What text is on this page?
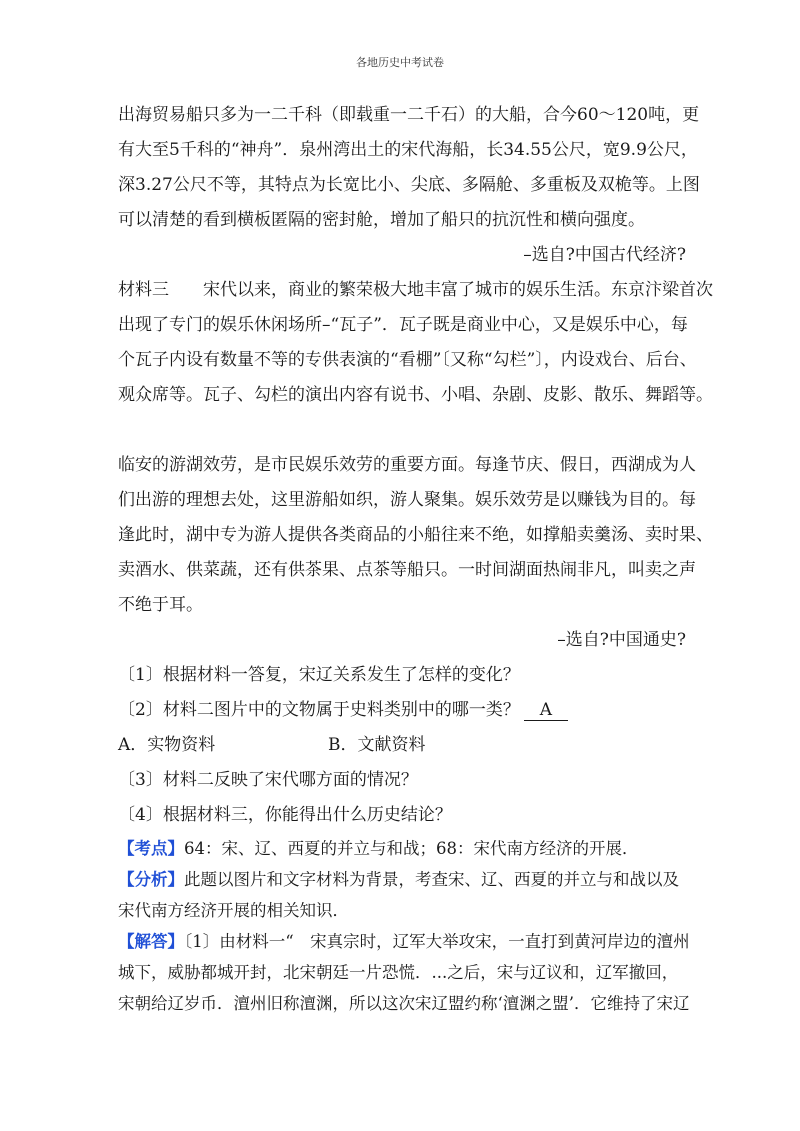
各地历史中考试卷
出海贸易船只多为一二千科（即载重一二千石）的大船，合今60～120吨，更
有大至5千科的“神舟”．泉州湾出土的宋代海船，长34.55公尺，宽9.9公尺，
深3.27公尺不等，其特点为长宽比小、尖底、多隔舱、多重板及双桅等。上图
可以清楚的看到横板匿隔的密封舱，增加了船只的抗沉性和横向强度。
–选自?中国古代经济?
材料三　　宋代以来，商业的繁荣极大地丰富了城市的娱乐生活。东京汴梁首次
出现了专门的娱乐休闲场所–“瓦子”．瓦子既是商业中心，又是娱乐中心，每
个瓦子内设有数量不等的专供表演的“看棚”〔又称“勾栏”〕，内设戏台、后台、
观众席等。瓦子、勾栏的演出内容有说书、小唱、杂剧、皮影、散乐、舞蹈等。
临安的游湖效劳，是市民娱乐效劳的重要方面。每逢节庆、假日，西湖成为人
们出游的理想去处，这里游船如织，游人聚集。娱乐效劳是以赚钱为目的。每
逢此时，湖中专为游人提供各类商品的小船往来不绝，如撑船卖羹汤、卖时果、
卖酒水、供菜蔬，还有供茶果、点茶等船只。一时间湖面热闹非凡，叫卖之声
不绝于耳。
–选自?中国通史?
〔1〕根据材料一答复，宋辽关系发生了怎样的变化？
〔2〕材料二图片中的文物属于史料类别中的哪一类？ A
A．实物资料	B．文献资料
〔3〕材料二反映了宋代哪方面的情况？
〔4〕根据材料三，你能得出什么历史结论？
【考点】64：宋、辽、西夏的并立与和战；68：宋代南方经济的开展．
【分析】此题以图片和文字材料为背景，考查宋、辽、西夏的并立与和战以及
宋代南方经济开展的相关知识．
【解答】〔1〕由材料一“　宋真宗时，辽军大举攻宋，一直打到黄河岸边的澶州
城下，威胁都城开封，北宋朝廷一片恐慌．...之后，宋与辽议和，辽军撤回，
宋朝给辽岁币．澶州旧称澶渊，所以这次宋辽盟约称‘澶渊之盟’．它维持了宋辽
